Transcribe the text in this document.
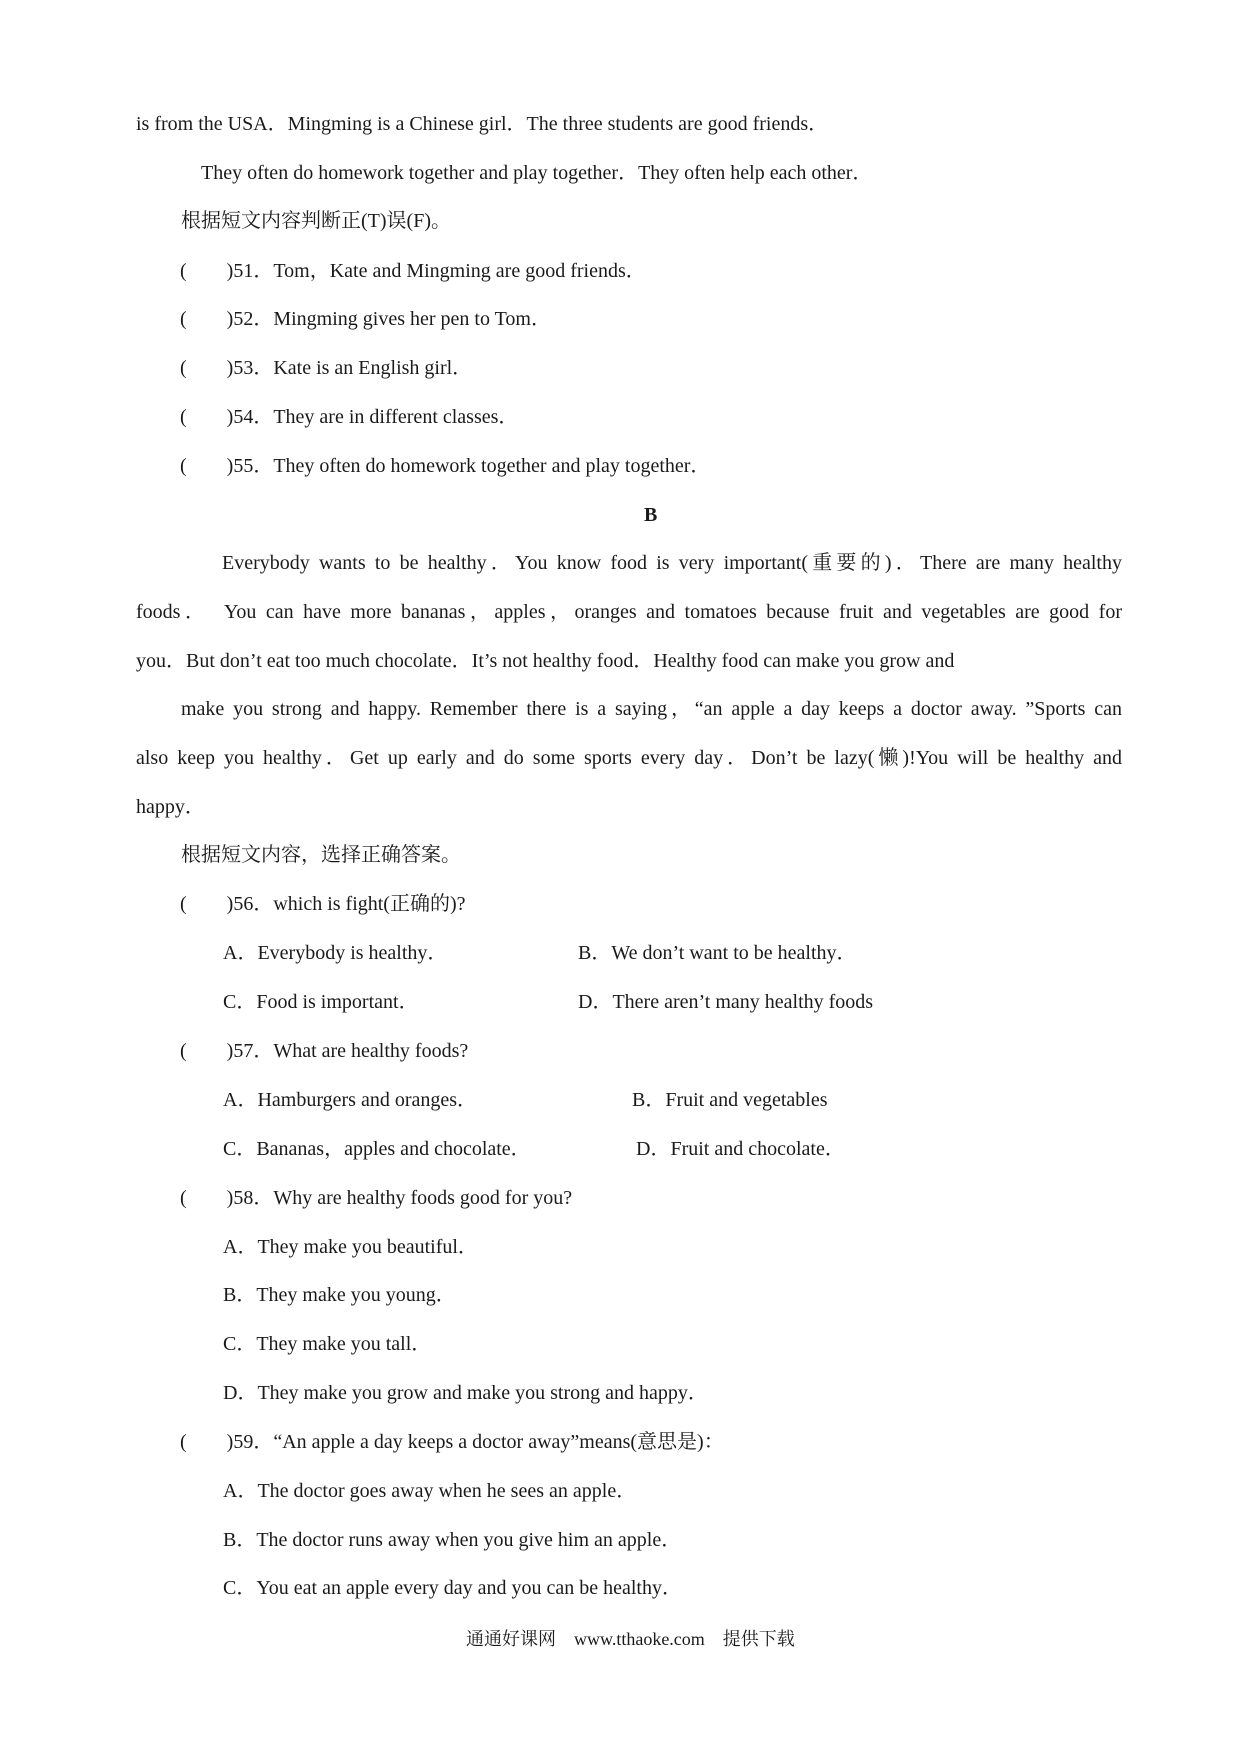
is from the USA．Mingming is a Chinese girl．The three students are good friends．
They often do homework together and play together．They often help each other．
根据短文内容判断正(T)误(F)。
(　　)51．Tom，Kate and Mingming are good friends．
(　　)52．Mingming gives her pen to Tom．
(　　)53．Kate is an English girl．
(　　)54．They are in different classes．
(　　)55．They often do homework together and play together．
B
Everybody wants to be healthy．You know food is very important(重要的)．There are many healthy
foods．　You can have more bananas，apples，oranges and tomatoes because fruit and vegetables are good for
you．But don’t eat too much chocolate．It’s not healthy food．Healthy food can make you grow and
make you strong and happy. Remember there is a saying，“an apple a day keeps a doctor away. ”Sports can
also keep you healthy．Get up early and do some sports every day．Don’t be lazy(懒)!You will be healthy and
happy．
根据短文内容，选择正确答案。
(　　)56．which is fight(正确的)?
A．Everybody is healthy．	B．We don’t want to be healthy．
C．Food is important．	D．There aren’t many healthy foods
(　　)57．What are healthy foods?
A．Hamburgers and oranges．	B．Fruit and vegetables
C．Bananas，apples and chocolate．	D．Fruit and chocolate．
(　　)58．Why are healthy foods good for you?
A．They make you beautiful．
B．They make you young．
C．They make you tall．
D．They make you grow and make you strong and happy．
(　　)59．“An apple a day keeps a doctor away”means(意思是)：
A．The doctor goes away when he sees an apple．
B．The doctor runs away when you give him an apple．
C．You eat an apple every day and you can be healthy．
通通好课网　www.tthaoke.com　提供下载
